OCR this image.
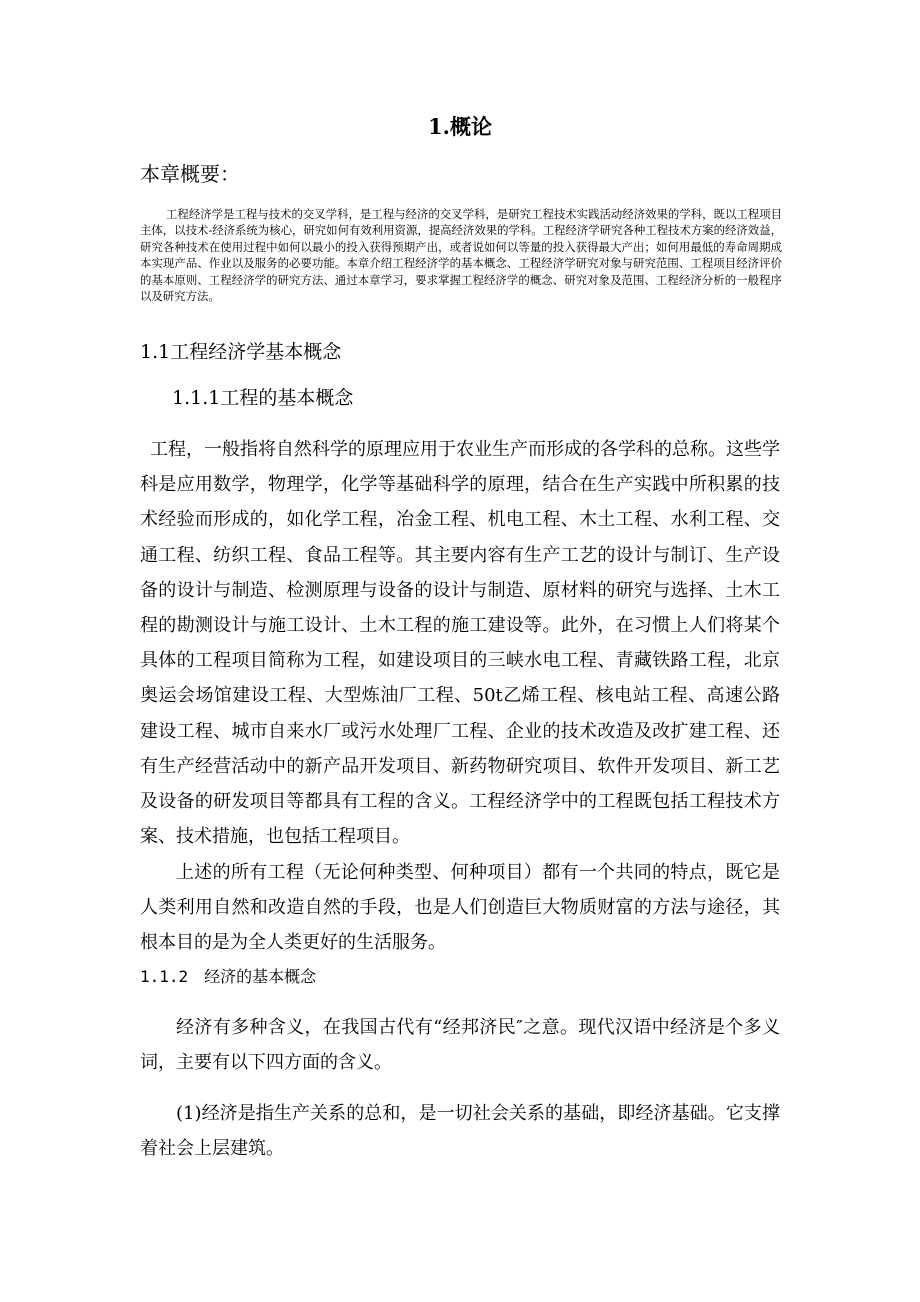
1.概论
本章概要：

工程经济学是工程与技术的交叉学科，是工程与经济的交叉学科，是研究工程技术实践活动经济效果的学科，既以工程项目主体，以技术-经济系统为核心，研究如何有效利用资源，提高经济效果的学科。工程经济学研究各种工程技术方案的经济效益，研究各种技术在使用过程中如何以最小的投入获得预期产出，或者说如何以等量的投入获得最大产出；如何用最低的寿命周期成本实现产品、作业以及服务的必要功能。本章介绍工程经济学的基本概念、工程经济学研究对象与研究范围、工程项目经济评价的基本原则、工程经济学的研究方法、通过本章学习，要求掌握工程经济学的概念、研究对象及范围、工程经济分析的一般程序以及研究方法。

1.1工程经济学基本概念
1.1.1工程的基本概念

工程，一般指将自然科学的原理应用于农业生产而形成的各学科的总称。这些学科是应用数学，物理学，化学等基础科学的原理，结合在生产实践中所积累的技术经验而形成的，如化学工程，冶金工程、机电工程、木土工程、水利工程、交通工程、纺织工程、食品工程等。其主要内容有生产工艺的设计与制订、生产设备的设计与制造、检测原理与设备的设计与制造、原材料的研究与选择、土木工程的勘测设计与施工设计、土木工程的施工建设等。此外，在习惯上人们将某个具体的工程项目简称为工程，如建设项目的三峡水电工程、青藏铁路工程，北京奥运会场馆建设工程、大型炼油厂工程、50t乙烯工程、核电站工程、高速公路建设工程、城市自来水厂或污水处理厂工程、企业的技术改造及改扩建工程、还有生产经营活动中的新产品开发项目、新药物研究项目、软件开发项目、新工艺及设备的研发项目等都具有工程的含义。工程经济学中的工程既包括工程技术方案、技术措施，也包括工程项目。

上述的所有工程（无论何种类型、何种项目）都有一个共同的特点，既它是人类利用自然和改造自然的手段，也是人们创造巨大物质财富的方法与途径，其根本目的是为全人类更好的生活服务。

1.1.2　经济的基本概念

经济有多种含义，在我国古代有“经邦济民″之意。现代汉语中经济是个多义词，主要有以下四方面的含义。

(1)经济是指生产关系的总和，是一切社会关系的基础，即经济基础。它支撑着社会上层建筑。
